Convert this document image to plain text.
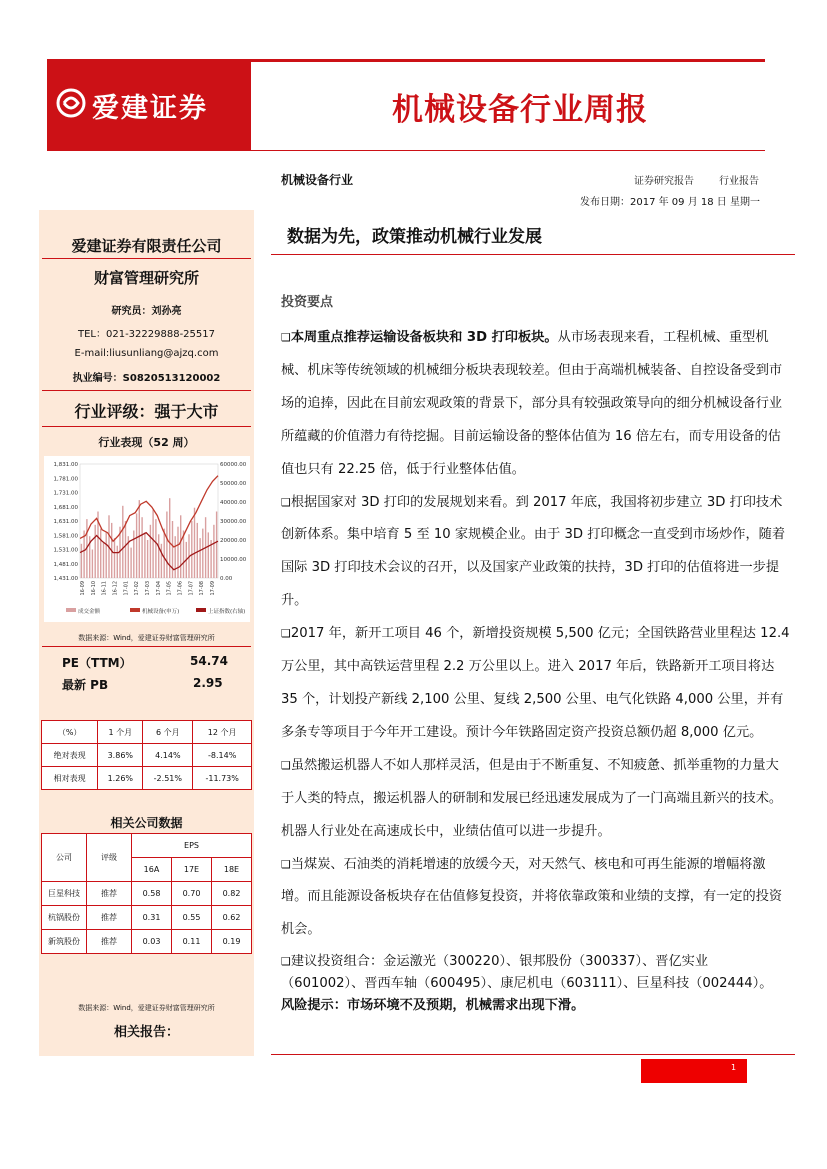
爱建证券	机械设备行业周报
机械设备行业	证券研究报告	行业报告
发布日期：2017 年 09 月 18 日 星期一
爱建证券有限责任公司
财富管理研究所
研究员：刘孙亮
TEL：021-32229888-25517
E-mail:liusunliang@ajzq.com
执业编号：S0820513120002
行业评级：强于大市
行业表现（52 周）
1,831.00
1,781.00
1,731.00
1,681.00
1,631.00
1,581.00
1,531.00
1,481.00
1,431.00
60000.00
50000.00
40000.00
30000.00
20000.00
10000.00
0.00
16-09 16-10 16-11 16-12 17-01 17-02 17-03 17-04 17-05 17-06 17-07 17-08 17-09
成交金额	机械设备(申万)	上证指数(右轴)
数据来源：Wind，爱建证券财富管理研究所
PE（TTM）	54.74
最新 PB	2.95
（%）	1 个月	6 个月	12 个月
绝对表现	3.86%	4.14%	-8.14%
相对表现	1.26%	-2.51%	-11.73%
相关公司数据
公司	评级	EPS		
		16A	17E	18E
巨星科技	推荐	0.58	0.70	0.82
杭锅股份	推荐	0.31	0.55	0.62
新筑股份	推荐	0.03	0.11	0.19
数据来源：Wind，爱建证券财富管理研究所
相关报告：
数据为先，政策推动机械行业发展
投资要点

❑本周重点推荐运输设备板块和 3D 打印板块。从市场表现来看，工程机械、重型机械、机床等传统领域的机械细分板块表现较差。但由于高端机械装备、自控设备受到市场的追捧，因此在目前宏观政策的背景下，部分具有较强政策导向的细分机械设备行业所蕴藏的价值潜力有待挖掘。目前运输设备的整体估值为 16 倍左右，而专用设备的估值也只有 22.25 倍，低于行业整体估值。

❑根据国家对 3D 打印的发展规划来看。到 2017 年底，我国将初步建立 3D 打印技术创新体系。集中培育 5 至 10 家规模企业。由于 3D 打印概念一直受到市场炒作，随着国际 3D 打印技术会议的召开，以及国家产业政策的扶持，3D 打印的估值将进一步提升。

❑2017 年，新开工项目 46 个，新增投资规模 5,500 亿元；全国铁路营业里程达 12.4 万公里，其中高铁运营里程 2.2 万公里以上。进入 2017 年后，铁路新开工项目将达 35 个，计划投产新线 2,100 公里、复线 2,500 公里、电气化铁路 4,000 公里，并有多条专等项目于今年开工建设。预计今年铁路固定资产投资总额仍超 8,000 亿元。

❑虽然搬运机器人不如人那样灵活，但是由于不断重复、不知疲惫、抓举重物的力量大于人类的特点，搬运机器人的研制和发展已经迅速发展成为了一门高端且新兴的技术。机器人行业处在高速成长中，业绩估值可以进一步提升。

❑当煤炭、石油类的消耗增速的放缓今天，对天然气、核电和可再生能源的增幅将激增。而且能源设备板块存在估值修复投资，并将依靠政策和业绩的支撑，有一定的投资机会。

❑建议投资组合：金运激光（300220）、银邦股份（300337）、晋亿实业（601002）、晋西车轴（600495）、康尼机电（603111）、巨星科技（002444）。

风险提示：市场环境不及预期，机械需求出现下滑。

1
